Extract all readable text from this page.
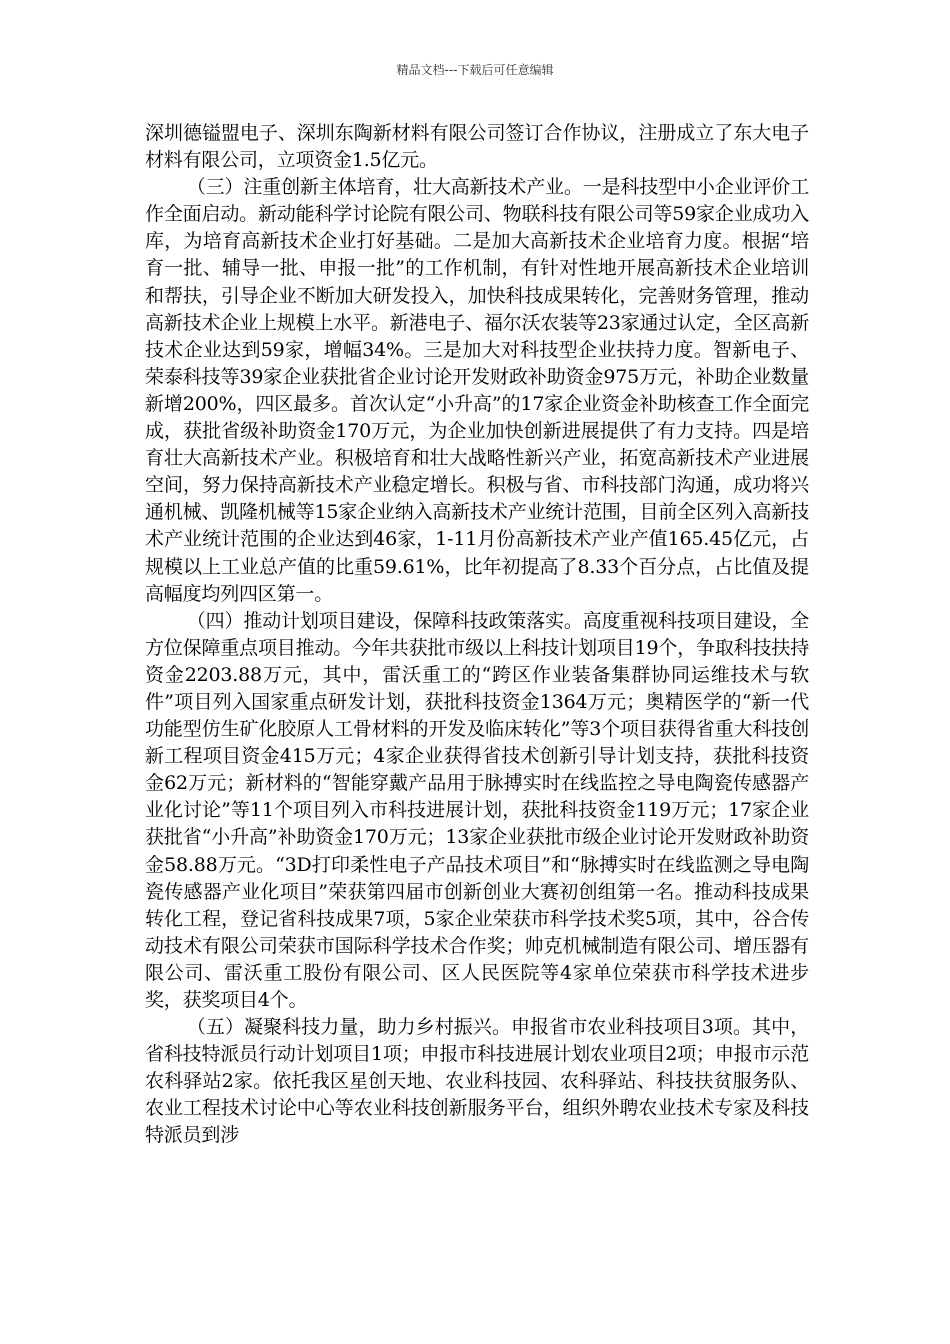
精品文档---下载后可任意编辑

深圳德镒盟电子、深圳东陶新材料有限公司签订合作协议，注册成立了东大电子材料有限公司，立项资金1.5亿元。

（三）注重创新主体培育，壮大高新技术产业。一是科技型中小企业评价工作全面启动。新动能科学讨论院有限公司、物联科技有限公司等59家企业成功入库，为培育高新技术企业打好基础。二是加大高新技术企业培育力度。根据“培育一批、辅导一批、申报一批”的工作机制，有针对性地开展高新技术企业培训和帮扶，引导企业不断加大研发投入，加快科技成果转化，完善财务管理，推动高新技术企业上规模上水平。新港电子、福尔沃农装等23家通过认定，全区高新技术企业达到59家，增幅34%。三是加大对科技型企业扶持力度。智新电子、荣泰科技等39家企业获批省企业讨论开发财政补助资金975万元，补助企业数量新增200%，四区最多。首次认定“小升高”的17家企业资金补助核查工作全面完成，获批省级补助资金170万元，为企业加快创新进展提供了有力支持。四是培育壮大高新技术产业。积极培育和壮大战略性新兴产业，拓宽高新技术产业进展空间，努力保持高新技术产业稳定增长。积极与省、市科技部门沟通，成功将兴通机械、凯隆机械等15家企业纳入高新技术产业统计范围，目前全区列入高新技术产业统计范围的企业达到46家，1-11月份高新技术产业产值165.45亿元，占规模以上工业总产值的比重59.61%，比年初提高了8.33个百分点，占比值及提高幅度均列四区第一。

（四）推动计划项目建设，保障科技政策落实。高度重视科技项目建设，全方位保障重点项目推动。今年共获批市级以上科技计划项目19个，争取科技扶持资金2203.88万元，其中，雷沃重工的“跨区作业装备集群协同运维技术与软件”项目列入国家重点研发计划，获批科技资金1364万元；奥精医学的“新一代功能型仿生矿化胶原人工骨材料的开发及临床转化”等3个项目获得省重大科技创新工程项目资金415万元；4家企业获得省技术创新引导计划支持，获批科技资金62万元；新材料的“智能穿戴产品用于脉搏实时在线监控之导电陶瓷传感器产业化讨论”等11个项目列入市科技进展计划，获批科技资金119万元；17家企业获批省“小升高”补助资金170万元；13家企业获批市级企业讨论开发财政补助资金58.88万元。“3D打印柔性电子产品技术项目”和“脉搏实时在线监测之导电陶瓷传感器产业化项目”荣获第四届市创新创业大赛初创组第一名。推动科技成果转化工程，登记省科技成果7项，5家企业荣获市科学技术奖5项，其中，谷合传动技术有限公司荣获市国际科学技术合作奖；帅克机械制造有限公司、增压器有限公司、雷沃重工股份有限公司、区人民医院等4家单位荣获市科学技术进步奖，获奖项目4个。

（五）凝聚科技力量，助力乡村振兴。申报省市农业科技项目3项。其中，省科技特派员行动计划项目1项；申报市科技进展计划农业项目2项；申报市示范农科驿站2家。依托我区星创天地、农业科技园、农科驿站、科技扶贫服务队、 农业工程技术讨论中心等农业科技创新服务平台，组织外聘农业技术专家及科技特派员到涉
